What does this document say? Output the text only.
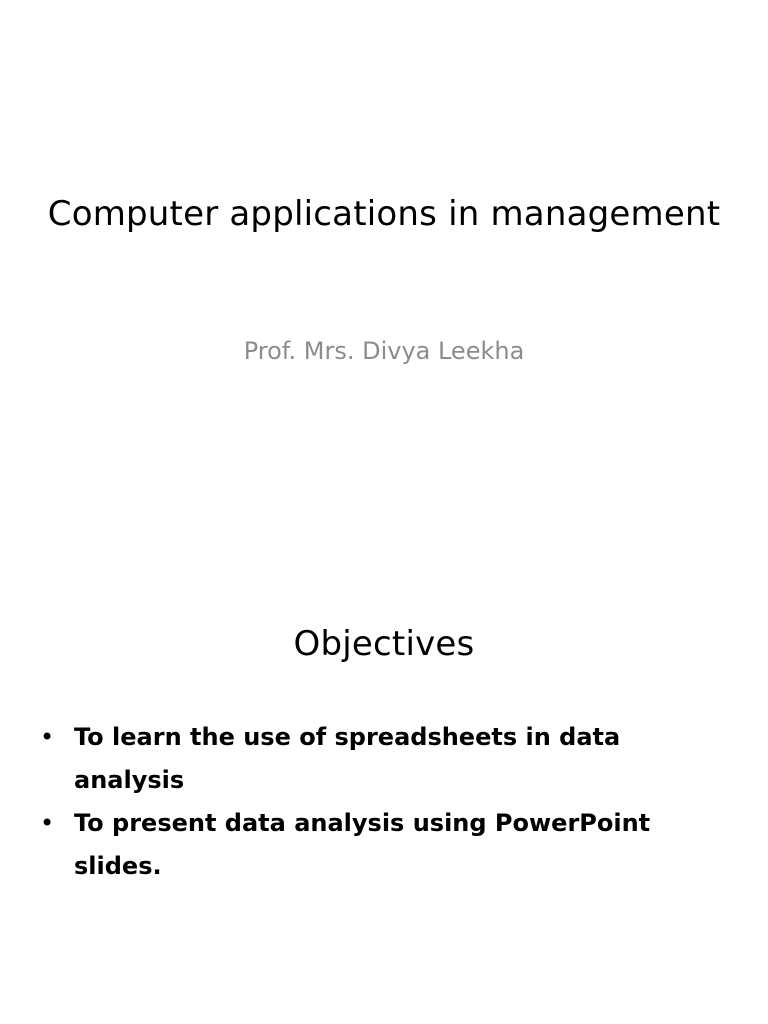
Computer applications in management

Prof. Mrs. Divya Leekha

Objectives
• To learn the use of spreadsheets in data analysis
• To present data analysis using PowerPoint slides.
